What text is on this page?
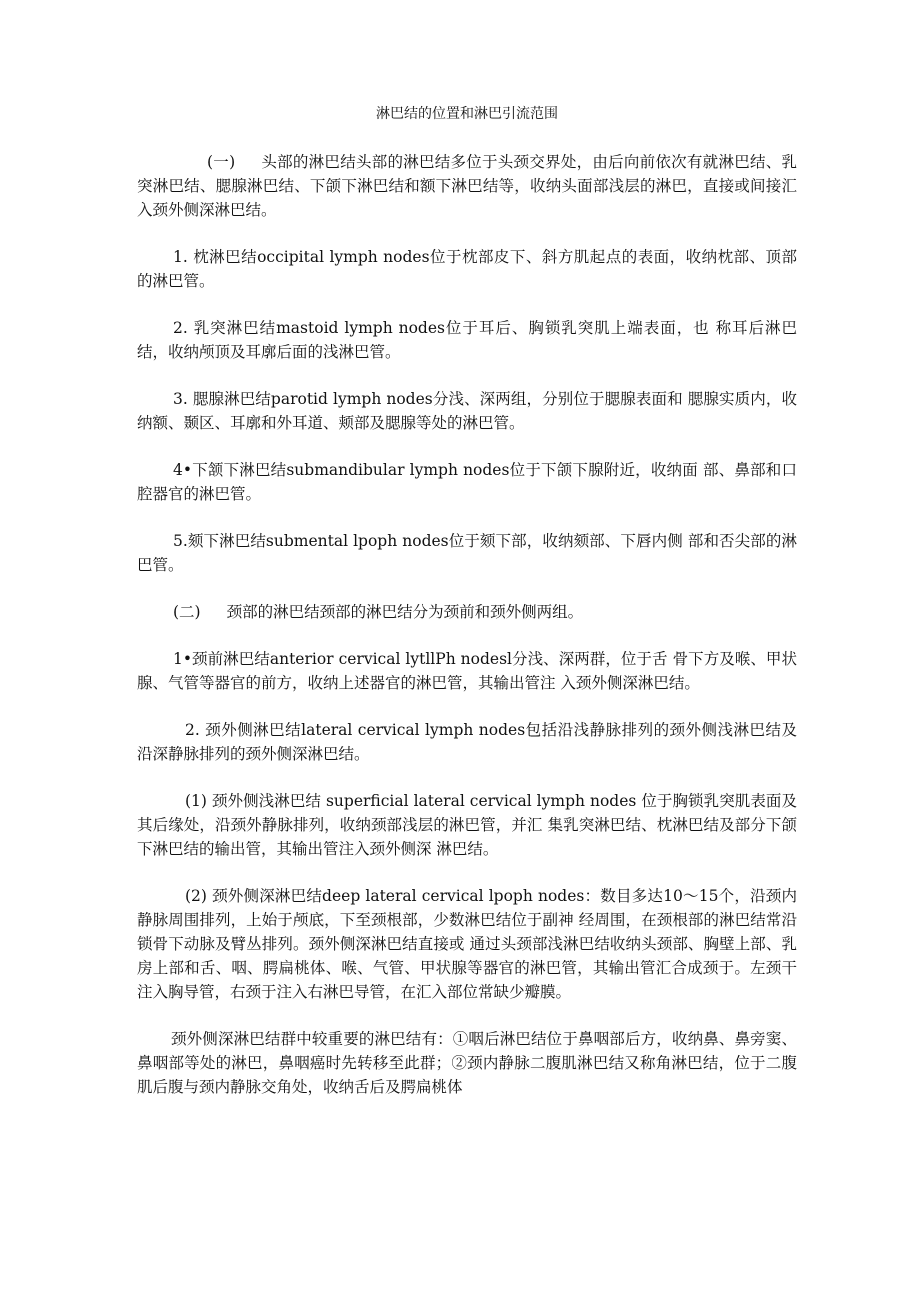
淋巴结的位置和淋巴引流范围

(一) 头部的淋巴结头部的淋巴结多位于头颈交界处，由后向前依次有就淋巴结、乳突淋巴结、腮腺淋巴结、下颌下淋巴结和额下淋巴结等，收纳头面部浅层的淋巴，直接或间接汇入颈外侧深淋巴结。

1. 枕淋巴结occipital lymph nodes位于枕部皮下、斜方肌起点的表面，收纳枕部、顶部的淋巴管。

2. 乳突淋巴结mastoid lymph nodes位于耳后、胸锁乳突肌上端表面，也 称耳后淋巴结，收纳颅顶及耳廓后面的浅淋巴管。

3. 腮腺淋巴结parotid lymph nodes分浅、深两组，分别位于腮腺表面和 腮腺实质内，收纳额、颞区、耳廓和外耳道、颊部及腮腺等处的淋巴管。

4•下颔下淋巴结submandibular lymph nodes位于下颌下腺附近，收纳面 部、鼻部和口腔器官的淋巴管。

5.颏下淋巴结submental lpoph nodes位于颏下部，收纳颏部、下唇内侧 部和否尖部的淋巴管。

(二) 颈部的淋巴结颈部的淋巴结分为颈前和颈外侧两组。

1•颈前淋巴结anterior cervical lytllPh nodesl分浅、深两群，位于舌 骨下方及喉、甲状腺、气管等器官的前方，收纳上述器官的淋巴管，其输出管注 入颈外侧深淋巴结。

2. 颈外侧淋巴结lateral cervical lymph nodes包括沿浅静脉排列的颈外侧浅淋巴结及沿深静脉排列的颈外侧深淋巴结。

(1) 颈外侧浅淋巴结 superficial lateral cervical lymph nodes 位于胸锁乳突肌表面及其后缘处，沿颈外静脉排列，收纳颈部浅层的淋巴管，并汇 集乳突淋巴结、枕淋巴结及部分下颌下淋巴结的输出管，其输出管注入颈外侧深 淋巴结。

(2) 颈外侧深淋巴结deep lateral cervical lpoph nodes：数目多达10～15个，沿颈内静脉周围排列，上始于颅底，下至颈根部，少数淋巴结位于副神 经周围，在颈根部的淋巴结常沿锁骨下动脉及臂丛排列。颈外侧深淋巴结直接或 通过头颈部浅淋巴结收纳头颈部、胸壁上部、乳房上部和舌、咽、腭扁桃体、喉、气管、甲状腺等器官的淋巴管，其输出管汇合成颈于。左颈干注入胸导管，右颈于注入右淋巴导管，在汇入部位常缺少瓣膜。

颈外侧深淋巴结群中较重要的淋巴结有：①咽后淋巴结位于鼻咽部后方，收纳鼻、鼻旁窦、鼻咽部等处的淋巴，鼻咽癌时先转移至此群；②颈内静脉二腹肌淋巴结又称角淋巴结，位于二腹肌后腹与颈内静脉交角处，收纳舌后及腭扁桃体
